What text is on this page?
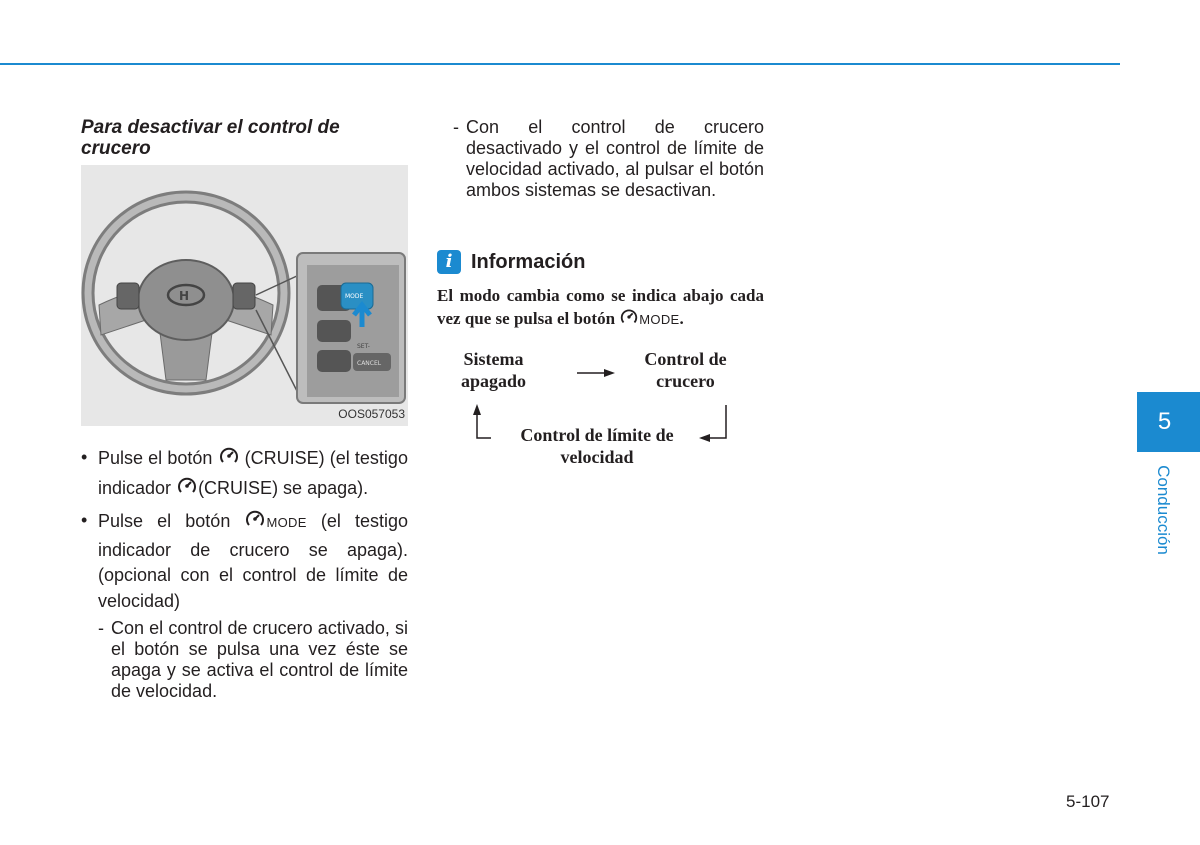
Para desactivar el control de crucero
H	MODE
SET-
CANCEL
OOS057053
• Pulse el botón (CRUISE) (el testigo indicador (CRUISE) se apaga).
• Pulse el botón	MODE (el testigo indicador de crucero se apaga). (opcional con el control de límite de velocidad)
- Con el control de crucero activado, si el botón se pulsa una vez éste se apaga y se activa el control de límite de velocidad.
- Con el control de crucero desactivado y el control de límite de velocidad activado, al pulsar el botón ambos sistemas se desactivan.
i Información
El modo cambia como se indica abajo cada vez que se pulsa el botón MODE.
Sistema apagado
Control de crucero
Control de límite de velocidad
5
Conducción
5-107
